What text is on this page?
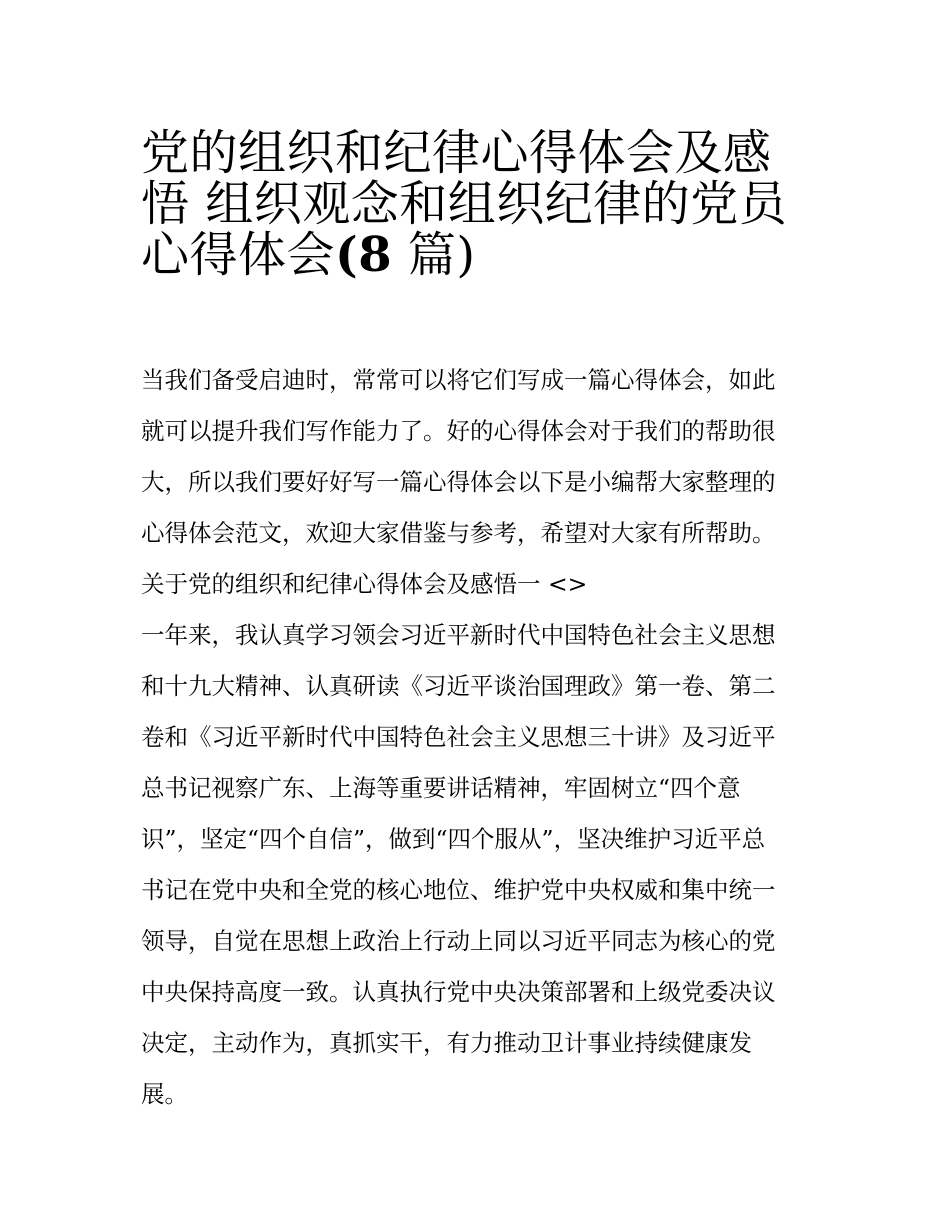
党的组织和纪律心得体会及感
悟 组织观念和组织纪律的党员
心得体会(8 篇)
当我们备受启迪时，常常可以将它们写成一篇心得体会，如此
就可以提升我们写作能力了。好的心得体会对于我们的帮助很
大，所以我们要好好写一篇心得体会以下是小编帮大家整理的
心得体会范文，欢迎大家借鉴与参考，希望对大家有所帮助。
关于党的组织和纪律心得体会及感悟一 <>
一年来，我认真学习领会习近平新时代中国特色社会主义思想
和十九大精神、认真研读《习近平谈治国理政》第一卷、第二
卷和《习近平新时代中国特色社会主义思想三十讲》及习近平
总书记视察广东、上海等重要讲话精神，牢固树立“四个意
识”，坚定“四个自信”，做到“四个服从”，坚决维护习近平总
书记在党中央和全党的核心地位、维护党中央权威和集中统一
领导，自觉在思想上政治上行动上同以习近平同志为核心的党
中央保持高度一致。认真执行党中央决策部署和上级党委决议
决定，主动作为，真抓实干，有力推动卫计事业持续健康发
展。
